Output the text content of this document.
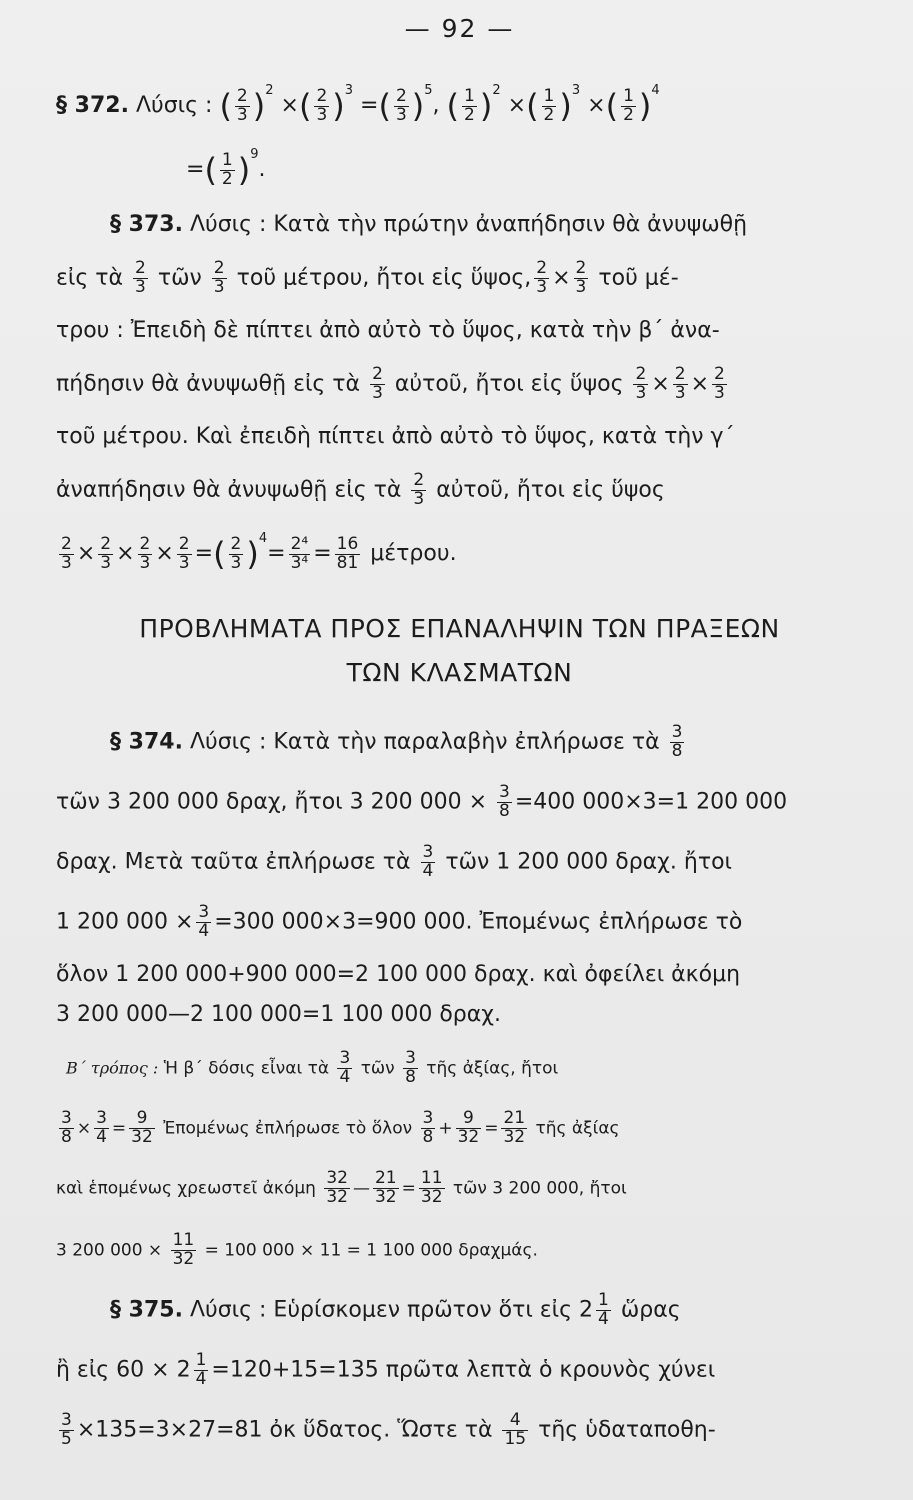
— 92 —
§ 372. Λύσις : ( $\frac{2}{3} )^2$ ×( $\frac{2}{3} )^3$ =( $\frac{2}{3} )^5$, ( $\frac{1}{2} )^2$ ×( $\frac{1}{2} )^3$ ×( $\frac{1}{2} )^4$
=( $\frac{1}{2} )^9$.
§ 373. Λύσις : Κατὰ τὴν πρώτην ἀναπήδησιν θὰ ἀνυψωθῇ
εἰς τὰ $\frac{2}{3}$ τῶν $\frac{2}{3}$ τοῦ μέτρου, ἤτοι εἰς ὕψος, $\frac{2}{3} \times \frac{2}{3}$ τοῦ μέ-
τρου : Ἐπειδὴ δὲ πίπτει ἀπὸ αὐτὸ τὸ ὕψος, κατὰ τὴν β΄ ἀνα-
πήδησιν θὰ ἀνυψωθῇ εἰς τὰ $\frac{2}{3}$ αὐτοῦ, ἤτοι εἰς ὕψος $\frac{2}{3} \times \frac{2}{3} \times \frac{2}{3}$
τοῦ μέτρου. Καὶ ἐπειδὴ πίπτει ἀπὸ αὐτὸ τὸ ὕψος, κατὰ τὴν γ΄
ἀναπήδησιν θὰ ἀνυψωθῇ εἰς τὰ $\frac{2}{3}$ αὐτοῦ, ἤτοι εἰς ὕψος
$\frac{2}{3} \times \frac{2}{3} \times \frac{2}{3} \times \frac{2}{3}$ =( $\frac{2}{3} )^4= \frac{\text{2⁴}}{\text{3⁴}} = \frac{16}{81} \mu έ\tau\rho o\upsilon$.
ΠΡΟΒΛΗΜΑΤΑ ΠΡΟΣ ΕΠΑΝΑΛΗΨΙΝ ΤΩΝ ΠΡΑΞΕΩΝ
ΤΩΝ ΚΛΑΣΜΑΤΩΝ
§ 374. Λύσις : Κατὰ τὴν παραλαβὴν ἐπλήρωσε τὰ $\frac{3}{8}$
τῶν 3 200 000 δραχ, ἤτοι 3 200 $000 \times \frac{3}{8} =400$ 000×3=1 200 000
δραχ. Μετὰ ταῦτα ἐπλήρωσε τὰ $\frac{3}{4}$ τῶν 1 200 000 δραχ. ἤτοι
1 200 $000 \times \frac{3}{4} =300$ 000×3=900 000. Ἐπομένως ἐπλήρωσε τὸ
ὅλον 1 200 000+900 000=2 100 000 δραχ. καὶ ὀφείλει ἀκόμη
3 200 000—2 100 000=1 100 000 δραχ.
Β΄ τρόπος : Ἡ β΄ δόσις εἶναι τὰ $\frac{3}{4}$ τῶν $\frac{3}{8}$ τῆς ἀξίας, ἤτοι
$\frac{3}{8} \times \frac{3}{4} = \frac{9}{32}$ Ἐπομένως ἐπλήρωσε τὸ ὅλον $\frac{3}{8} + \frac{9}{32} = \frac{21}{32}$ τῆς ἀξίας
καὶ ἑπομένως χρεωστεῖ ἀκόμη $\frac{32}{32}$ — $\frac{21}{32} = \frac{11}{32}$ τῶν 3 200 000, ἤτοι
3 200 $000 \times \frac{11}{32} = 100$ 000 × 11 = 1 100 000 δραχμάς.
§ 375. Λύσις : Εὑρίσκομεν πρῶτον ὅτι εἰς $2 \frac{1}{4}$ ὥρας
ἢ εἰς $60 \times 2 \frac{1}{4} =120+15=135$ πρῶτα λεπτὰ ὁ κρουνὸς χύνει
$\frac{3}{5} \times 135=3\times 27=81$ ὀκ ὕδατος. Ὥστε τὰ $\frac{4}{15}$ τῆς ὑδαταποθη-
